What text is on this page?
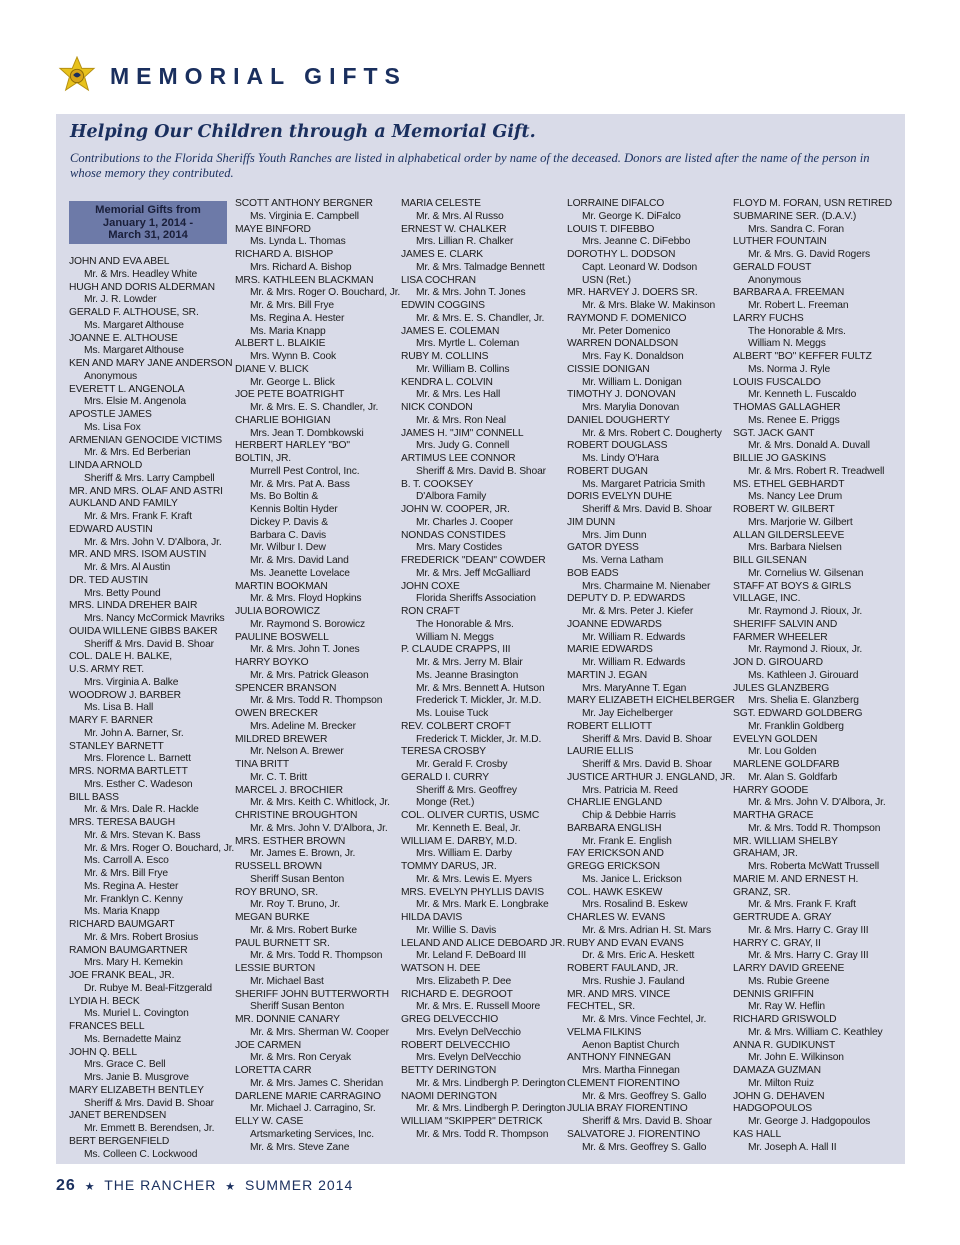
MEMORIAL GIFTS
Helping Our Children through a Memorial Gift.
Contributions to the Florida Sheriffs Youth Ranches are listed in alphabetical order by name of the deceased. Donors are listed after the name of the person in whose memory they contributed.
Memorial Gifts from
January 1, 2014 -
March 31, 2014
JOHN AND EVA ABEL
Mr. & Mrs. Headley White
HUGH AND DORIS ALDERMAN
Mr. J. R. Lowder
GERALD F. ALTHOUSE, SR.
Ms. Margaret Althouse
JOANNE E. ALTHOUSE
Ms. Margaret Althouse
KEN AND MARY JANE ANDERSON
Anonymous
EVERETT L. ANGENOLA
Mrs. Elsie M. Angenola
APOSTLE JAMES
Ms. Lisa Fox
ARMENIAN GENOCIDE VICTIMS
Mr. & Mrs. Ed Berberian
LINDA ARNOLD
Sheriff & Mrs. Larry Campbell
MR. AND MRS. OLAF AND ASTRI
AUKLAND AND FAMILY
Mr. & Mrs. Frank F. Kraft
EDWARD AUSTIN
Mr. & Mrs. John V. D'Albora, Jr.
MR. AND MRS. ISOM AUSTIN
Mr. & Mrs. Al Austin
DR. TED AUSTIN
Mrs. Betty Pound
MRS. LINDA DREHER BAIR
Mrs. Nancy McCormick Mavriks
OUIDA WILLENE GIBBS BAKER
Sheriff & Mrs. David B. Shoar
COL. DALE H. BALKE,
U.S. ARMY RET.
Mrs. Virginia A. Balke
WOODROW J. BARBER
Ms. Lisa B. Hall
MARY F. BARNER
Mr. John A. Barner, Sr.
STANLEY BARNETT
Mrs. Florence L. Barnett
MRS. NORMA BARTLETT
Mrs. Esther C. Wadeson
BILL BASS
Mr. & Mrs. Dale R. Hackle
MRS. TERESA BAUGH
Mr. & Mrs. Stevan K. Bass
Mr. & Mrs. Roger O. Bouchard, Jr.
Ms. Carroll A. Esco
Mr. & Mrs. Bill Frye
Ms. Regina A. Hester
Mr. Franklyn C. Kenny
Ms. Maria Knapp
RICHARD BAUMGART
Mr. & Mrs. Robert Brosius
RAMON BAUMGARTNER
Mrs. Mary H. Kemekin
JOE FRANK BEAL, JR.
Dr. Rubye M. Beal-Fitzgerald
LYDIA H. BECK
Ms. Muriel L. Covington
FRANCES BELL
Ms. Bernadette Mainz
JOHN Q. BELL
Mrs. Grace C. Bell
Mrs. Janie B. Musgrove
MARY ELIZABETH BENTLEY
Sheriff & Mrs. David B. Shoar
JANET BERENDSEN
Mr. Emmett B. Berendsen, Jr.
BERT BERGENFIELD
Ms. Colleen C. Lockwood
SCOTT ANTHONY BERGNER
Ms. Virginia E. Campbell
MAYE BINFORD
Ms. Lynda L. Thomas
RICHARD A. BISHOP
Mrs. Richard A. Bishop
MRS. KATHLEEN BLACKMAN
Mr. & Mrs. Roger O. Bouchard, Jr.
Mr. & Mrs. Bill Frye
Ms. Regina A. Hester
Ms. Maria Knapp
ALBERT L. BLAIKIE
Mrs. Wynn B. Cook
DIANE V. BLICK
Mr. George L. Blick
JOE PETE BOATRIGHT
Mr. & Mrs. E. S. Chandler, Jr.
CHARLIE BOHIGIAN
Mrs. Jean T. Dombkowski
HERBERT HARLEY "BO"
BOLTIN, JR.
Murrell Pest Control, Inc.
Mr. & Mrs. Pat A. Bass
Ms. Bo Boltin &
Kennis Boltin Hyder
Dickey P. Davis &
Barbara C. Davis
Mr. Wilbur I. Dew
Mr. & Mrs. David Land
Ms. Jeanette Lovelace
MARTIN BOOKMAN
Mr. & Mrs. Floyd Hopkins
JULIA BOROWICZ
Mr. Raymond S. Borowicz
PAULINE BOSWELL
Mr. & Mrs. John T. Jones
HARRY BOYKO
Mr. & Mrs. Patrick Gleason
SPENCER BRANSON
Mr. & Mrs. Todd R. Thompson
OWEN BRECKER
Mrs. Adeline M. Brecker
MILDRED BREWER
Mr. Nelson A. Brewer
TINA BRITT
Mr. C. T. Britt
MARCEL J. BROCHIER
Mr. & Mrs. Keith C. Whitlock, Jr.
CHRISTINE BROUGHTON
Mr. & Mrs. John V. D'Albora, Jr.
MRS. ESTHER BROWN
Mr. James E. Brown, Jr.
RUSSELL BROWN
Sheriff Susan Benton
ROY BRUNO, SR.
Mr. Roy T. Bruno, Jr.
MEGAN BURKE
Mr. & Mrs. Robert Burke
PAUL BURNETT SR.
Mr. & Mrs. Todd R. Thompson
LESSIE BURTON
Mr. Michael Bast
SHERIFF JOHN BUTTERWORTH
Sheriff Susan Benton
MR. DONNIE CANARY
Mr. & Mrs. Sherman W. Cooper
JOE CARMEN
Mr. & Mrs. Ron Ceryak
LORETTA CARR
Mr. & Mrs. James C. Sheridan
DARLENE MARIE CARRAGINO
Mr. Michael J. Carragino, Sr.
ELLY W. CASE
Artsmarketing Services, Inc.
Mr. & Mrs. Steve Zane
MARIA CELESTE
Mr. & Mrs. Al Russo
ERNEST W. CHALKER
Mrs. Lillian R. Chalker
JAMES E. CLARK
Mr. & Mrs. Talmadge Bennett
LISA COCHRAN
Mr. & Mrs. John T. Jones
EDWIN COGGINS
Mr. & Mrs. E. S. Chandler, Jr.
JAMES E. COLEMAN
Mrs. Myrtle L. Coleman
RUBY M. COLLINS
Mr. William B. Collins
KENDRA L. COLVIN
Mr. & Mrs. Les Hall
NICK CONDON
Mr. & Mrs. Ron Neal
JAMES H. "JIM" CONNELL
Mrs. Judy G. Connell
ARTIMUS LEE CONNOR
Sheriff & Mrs. David B. Shoar
B. T. COOKSEY
D'Albora Family
JOHN W. COOPER, JR.
Mr. Charles J. Cooper
NONDAS CONSTIDES
Mrs. Mary Costides
FREDERICK "DEAN" COWDER
Mr. & Mrs. Jeff McGalliard
JOHN COXE
Florida Sheriffs Association
RON CRAFT
The Honorable & Mrs.
William N. Meggs
P. CLAUDE CRAPPS, III
Mr. & Mrs. Jerry M. Blair
Ms. Jeanne Brasington
Mr. & Mrs. Bennett A. Hutson
Frederick T. Mickler, Jr. M.D.
Ms. Louise Tuck
REV. COLBERT CROFT
Frederick T. Mickler, Jr. M.D.
TERESA CROSBY
Mr. Gerald F. Crosby
GERALD I. CURRY
Sheriff & Mrs. Geoffrey
Monge (Ret.)
COL. OLIVER CURTIS, USMC
Mr. Kenneth E. Beal, Jr.
WILLIAM E. DARBY, M.D.
Mrs. William E. Darby
TOMMY DARUS, JR.
Mr. & Mrs. Lewis E. Myers
MRS. EVELYN PHYLLIS DAVIS
Mr. & Mrs. Mark E. Longbrake
HILDA DAVIS
Mr. Willie S. Davis
LELAND AND ALICE DEBOARD JR.
Mr. Leland F. DeBoard III
WATSON H. DEE
Mrs. Elizabeth P. Dee
RICHARD E. DEGROOT
Mr. & Mrs. E. Russell Moore
GREG DELVECCHIO
Mrs. Evelyn DelVecchio
ROBERT DELVECCHIO
Mrs. Evelyn DelVecchio
BETTY DERINGTON
Mr. & Mrs. Lindbergh P. Derington
NAOMI DERINGTON
Mr. & Mrs. Lindbergh P. Derington
WILLIAM "SKIPPER" DETRICK
Mr. & Mrs. Todd R. Thompson
LORRAINE DIFALCO
Mr. George K. DiFalco
LOUIS T. DIFEBBO
Mrs. Jeanne C. DiFebbo
DOROTHY L. DODSON
Capt. Leonard W. Dodson
USN (Ret.)
MR. HARVEY J. DOERS SR.
Mr. & Mrs. Blake W. Makinson
RAYMOND F. DOMENICO
Mr. Peter Domenico
WARREN DONALDSON
Mrs. Fay K. Donaldson
CISSIE DONIGAN
Mr. William L. Donigan
TIMOTHY J. DONOVAN
Mrs. Marylia Donovan
DANIEL DOUGHERTY
Mr. & Mrs. Robert C. Dougherty
ROBERT DOUGLASS
Ms. Lindy O'Hara
ROBERT DUGAN
Ms. Margaret Patricia Smith
DORIS EVELYN DUHE
Sheriff & Mrs. David B. Shoar
JIM DUNN
Mrs. Jim Dunn
GATOR DYESS
Ms. Verna Latham
BOB EADS
Mrs. Charmaine M. Nienaber
DEPUTY D. P. EDWARDS
Mr. & Mrs. Peter J. Kiefer
JOANNE EDWARDS
Mr. William R. Edwards
MARIE EDWARDS
Mr. William R. Edwards
MARTIN J. EGAN
Mrs. MaryAnne T. Egan
MARY ELIZABETH EICHELBERGER
Mr. Jay Eichelberger
ROBERT ELLIOTT
Sheriff & Mrs. David B. Shoar
LAURIE ELLIS
Sheriff & Mrs. David B. Shoar
JUSTICE ARTHUR J. ENGLAND, JR.
Mrs. Patricia M. Reed
CHARLIE ENGLAND
Chip & Debbie Harris
BARBARA ENGLISH
Mr. Frank E. English
FAY ERICKSON AND
GREGG ERICKSON
Ms. Janice L. Erickson
COL. HAWK ESKEW
Mrs. Rosalind B. Eskew
CHARLES W. EVANS
Mr. & Mrs. Adrian H. St. Mars
RUBY AND EVAN EVANS
Dr. & Mrs. Eric A. Heskett
ROBERT FAULAND, JR.
Mrs. Rushie J. Fauland
MR. AND MRS. VINCE
FECHTEL, SR.
Mr. & Mrs. Vince Fechtel, Jr.
VELMA FILKINS
Aenon Baptist Church
ANTHONY FINNEGAN
Mrs. Martha Finnegan
CLEMENT FIORENTINO
Mr. & Mrs. Geoffrey S. Gallo
JULIA BRAY FIORENTINO
Sheriff & Mrs. David B. Shoar
SALVATORE J. FIORENTINO
Mr. & Mrs. Geoffrey S. Gallo
FLOYD M. FORAN, USN RETIRED
SUBMARINE SER. (D.A.V.)
Mrs. Sandra C. Foran
LUTHER FOUNTAIN
Mr. & Mrs. G. David Rogers
GERALD FOUST
Anonymous
BARBARA A. FREEMAN
Mr. Robert L. Freeman
LARRY FUCHS
The Honorable & Mrs.
William N. Meggs
ALBERT "BO" KEFFER FULTZ
Ms. Norma J. Ryle
LOUIS FUSCALDO
Mr. Kenneth L. Fuscaldo
THOMAS GALLAGHER
Ms. Renee E. Priggs
SGT. JACK GANT
Mr. & Mrs. Donald A. Duvall
BILLIE JO GASKINS
Mr. & Mrs. Robert R. Treadwell
MS. ETHEL GEBHARDT
Ms. Nancy Lee Drum
ROBERT W. GILBERT
Mrs. Marjorie W. Gilbert
ALLAN GILDERSLEEVE
Mrs. Barbara Nielsen
BILL GILSENAN
Mr. Cornelius W. Gilsenan
STAFF AT BOYS & GIRLS
VILLAGE, INC.
Mr. Raymond J. Rioux, Jr.
SHERIFF SALVIN AND
FARMER WHEELER
Mr. Raymond J. Rioux, Jr.
JON D. GIROUARD
Ms. Kathleen J. Girouard
JULES GLANZBERG
Mrs. Shelia E. Glanzberg
SGT. EDWARD GOLDBERG
Mr. Franklin Goldberg
EVELYN GOLDEN
Mr. Lou Golden
MARLENE GOLDFARB
Mr. Alan S. Goldfarb
HARRY GOODE
Mr. & Mrs. John V. D'Albora, Jr.
MARTHA GRACE
Mr. & Mrs. Todd R. Thompson
MR. WILLIAM SHELBY
GRAHAM, JR.
Mrs. Roberta McWatt Trussell
MARIE M. AND ERNEST H.
GRANZ, SR.
Mr. & Mrs. Frank F. Kraft
GERTRUDE A. GRAY
Mr. & Mrs. Harry C. Gray III
HARRY C. GRAY, II
Mr. & Mrs. Harry C. Gray III
LARRY DAVID GREENE
Ms. Rubie Greene
DENNIS GRIFFIN
Mr. Ray W. Heflin
RICHARD GRISWOLD
Mr. & Mrs. William C. Keathley
ANNA R. GUDIKUNST
Mr. John E. Wilkinson
DAMAZA GUZMAN
Mr. Milton Ruiz
JOHN G. DEHAVEN
HADGOPOULOS
Mr. George J. Hadgopoulos
KAS HALL
Mr. Joseph A. Hall II
26 ★ THE RANCHER ★ SUMMER 2014
